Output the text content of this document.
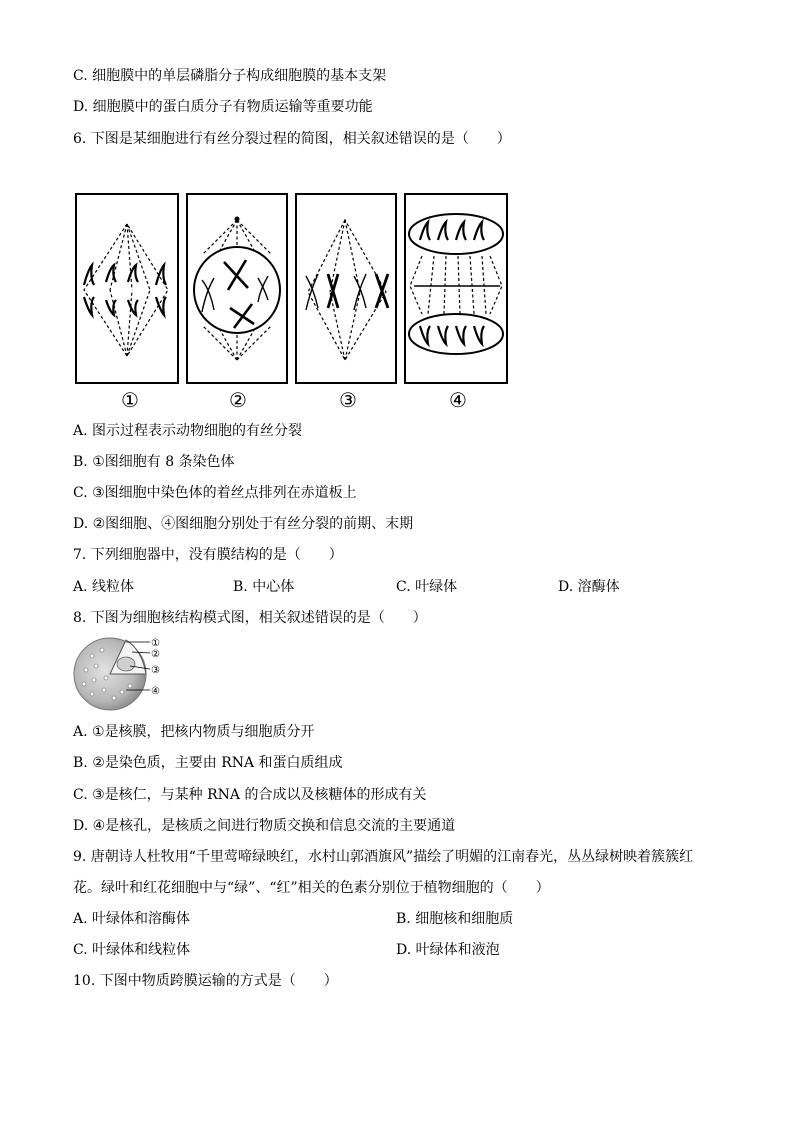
C. 细胞膜中的单层磷脂分子构成细胞膜的基本支架
D. 细胞膜中的蛋白质分子有物质运输等重要功能
6. 下图是某细胞进行有丝分裂过程的简图，相关叙述错误的是（　　）
①	②	③	④
A. 图示过程表示动物细胞的有丝分裂
B. ①图细胞有 8 条染色体
C. ③图细胞中染色体的着丝点排列在赤道板上
D. ②图细胞、④图细胞分别处于有丝分裂的前期、末期
7. 下列细胞器中，没有膜结构的是（　　）
A. 线粒体	B. 中心体	C. 叶绿体	D. 溶酶体
8. 下图为细胞核结构模式图，相关叙述错误的是（　　）
①
②
③
④
A. ①是核膜，把核内物质与细胞质分开
B. ②是染色质，主要由 RNA 和蛋白质组成
C. ③是核仁，与某种 RNA 的合成以及核糖体的形成有关
D. ④是核孔，是核质之间进行物质交换和信息交流的主要通道
9. 唐朝诗人杜牧用“千里莺啼绿映红，水村山郭酒旗风”描绘了明媚的江南春光，丛丛绿树映着簇簇红
花。绿叶和红花细胞中与“绿”、“红”相关的色素分别位于植物细胞的（　　）
A. 叶绿体和溶酶体	B. 细胞核和细胞质
C. 叶绿体和线粒体	D. 叶绿体和液泡
10. 下图中物质跨膜运输的方式是（　　）
